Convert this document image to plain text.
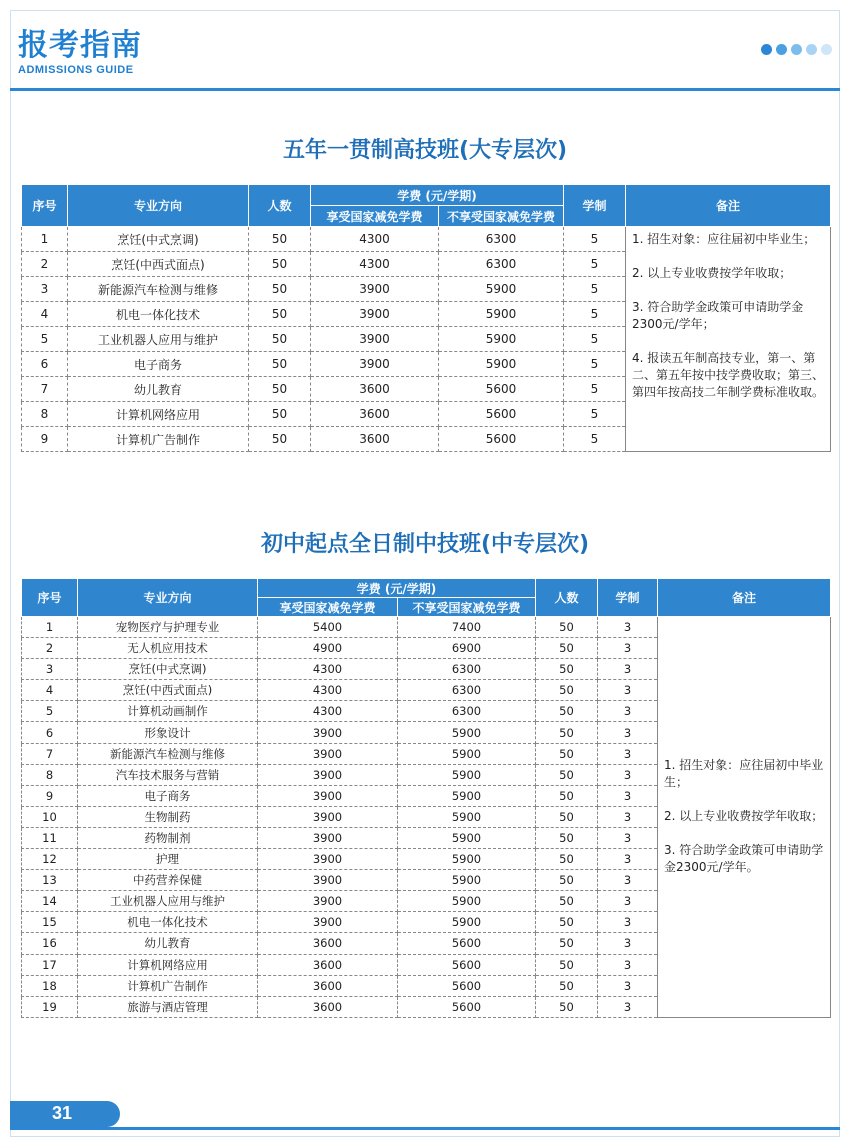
报考指南
ADMISSIONS GUIDE
五年一贯制高技班(大专层次)
序号	专业方向	人数	学费 (元/学期)		学制	备注
			享受国家减免学费	不享受国家减免学费		
1	烹饪(中式烹调)	50	4300	6300	5	1. 招生对象：应往届初中毕业生；

2. 以上专业收费按学年收取；

3. 符合助学金政策可申请助学金2300元/学年；

4. 报读五年制高技专业，第一、第二、第五年按中技学费收取；第三、第四年按高技二年制学费标准收取。

2	烹饪(中西式面点)	50	4300	6300	5	
3	新能源汽车检测与维修	50	3900	5900	5	
4	机电一体化技术	50	3900	5900	5	
5	工业机器人应用与维护	50	3900	5900	5	
6	电子商务	50	3900	5900	5	
7	幼儿教育	50	3600	5600	5	
8	计算机网络应用	50	3600	5600	5	
9	计算机广告制作	50	3600	5600	5	
初中起点全日制中技班(中专层次)
序号	专业方向	学费 (元/学期)		人数	学制	备注
		享受国家减免学费	不享受国家减免学费			
1	宠物医疗与护理专业	5400	7400	50	3	1. 招生对象：应往届初中毕业生；

2. 以上专业收费按学年收取；

3. 符合助学金政策可申请助学金2300元/学年。

2	无人机应用技术	4900	6900	50	3	
3	烹饪(中式烹调)	4300	6300	50	3	
4	烹饪(中西式面点)	4300	6300	50	3	
5	计算机动画制作	4300	6300	50	3	
6	形象设计	3900	5900	50	3	
7	新能源汽车检测与维修	3900	5900	50	3	
8	汽车技术服务与营销	3900	5900	50	3	
9	电子商务	3900	5900	50	3	
10	生物制药	3900	5900	50	3	
11	药物制剂	3900	5900	50	3	
12	护理	3900	5900	50	3	
13	中药营养保健	3900	5900	50	3	
14	工业机器人应用与维护	3900	5900	50	3	
15	机电一体化技术	3900	5900	50	3	
16	幼儿教育	3600	5600	50	3	
17	计算机网络应用	3600	5600	50	3	
18	计算机广告制作	3600	5600	50	3	
19	旅游与酒店管理	3600	5600	50	3	
31
